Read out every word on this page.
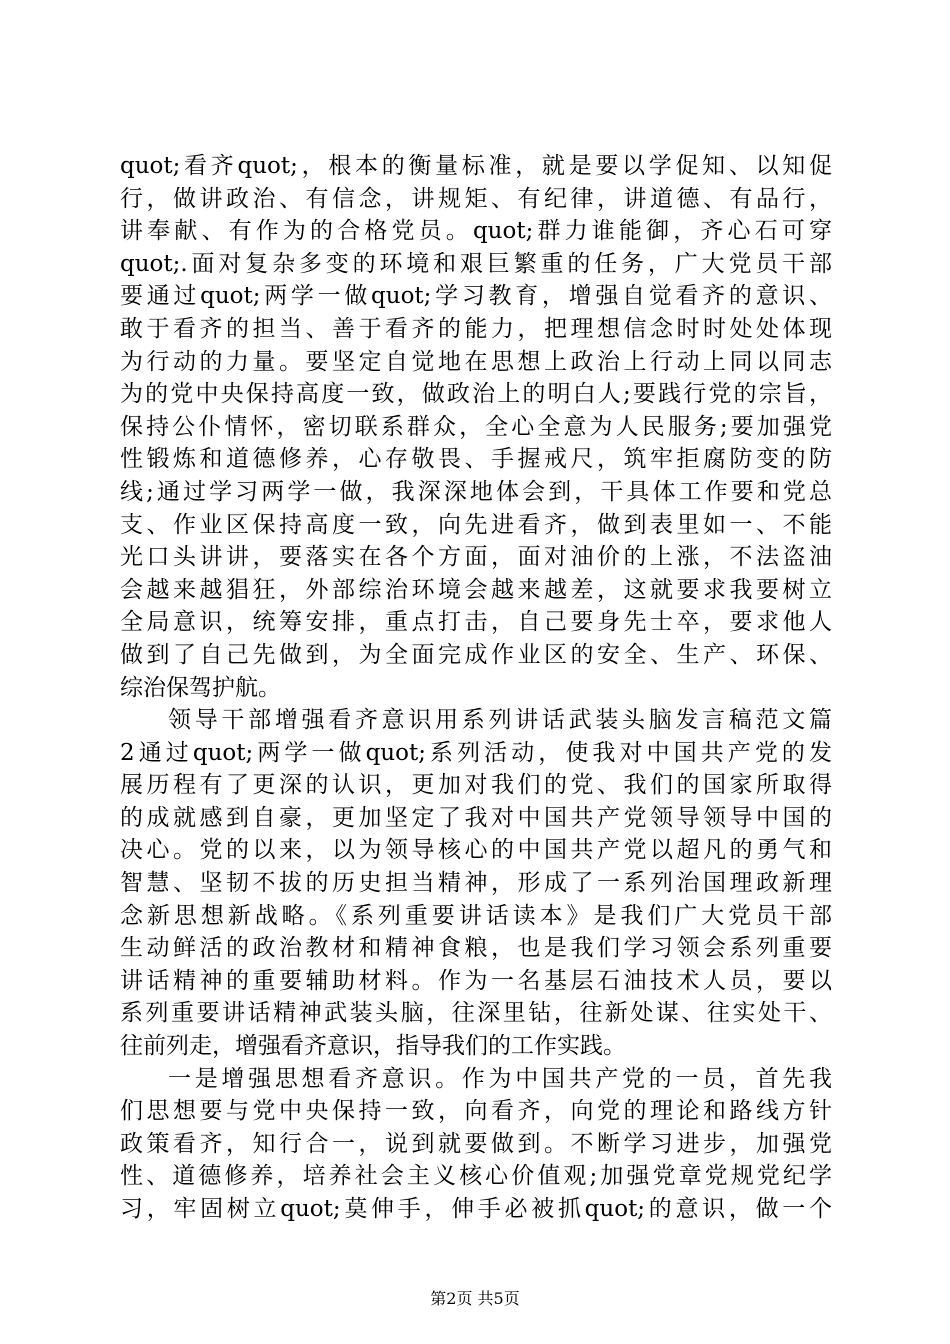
quot;看齐quot;，根本的衡量标准，就是要以学促知、以知促
行，做讲政治、有信念，讲规矩、有纪律，讲道德、有品行，
讲奉献、有作为的合格党员。quot;群力谁能御，齐心石可穿
quot;.面对复杂多变的环境和艰巨繁重的任务，广大党员干部
要通过quot;两学一做quot;学习教育，增强自觉看齐的意识、
敢于看齐的担当、善于看齐的能力，把理想信念时时处处体现
为行动的力量。要坚定自觉地在思想上政治上行动上同以同志
为的党中央保持高度一致，做政治上的明白人;要践行党的宗旨，
保持公仆情怀，密切联系群众，全心全意为人民服务;要加强党
性锻炼和道德修养，心存敬畏、手握戒尺，筑牢拒腐防变的防
线;通过学习两学一做，我深深地体会到，干具体工作要和党总
支、作业区保持高度一致，向先进看齐，做到表里如一、不能
光口头讲讲，要落实在各个方面，面对油价的上涨，不法盗油
会越来越猖狂，外部综治环境会越来越差，这就要求我要树立
全局意识，统筹安排，重点打击，自己要身先士卒，要求他人
做到了自己先做到，为全面完成作业区的安全、生产、环保、
综治保驾护航。
领导干部增强看齐意识用系列讲话武装头脑发言稿范文篇
2通过quot;两学一做quot;系列活动，使我对中国共产党的发
展历程有了更深的认识，更加对我们的党、我们的国家所取得
的成就感到自豪，更加坚定了我对中国共产党领导领导中国的
决心。党的以来，以为领导核心的中国共产党以超凡的勇气和
智慧、坚韧不拔的历史担当精神，形成了一系列治国理政新理
念新思想新战略。《系列重要讲话读本》是我们广大党员干部
生动鲜活的政治教材和精神食粮，也是我们学习领会系列重要
讲话精神的重要辅助材料。作为一名基层石油技术人员，要以
系列重要讲话精神武装头脑，往深里钻，往新处谋、往实处干、
往前列走，增强看齐意识，指导我们的工作实践。
一是增强思想看齐意识。作为中国共产党的一员，首先我
们思想要与党中央保持一致，向看齐，向党的理论和路线方针
政策看齐，知行合一，说到就要做到。不断学习进步，加强党
性、道德修养，培养社会主义核心价值观;加强党章党规党纪学
习，牢固树立quot;莫伸手，伸手必被抓quot;的意识，做一个
第2页 共5页
